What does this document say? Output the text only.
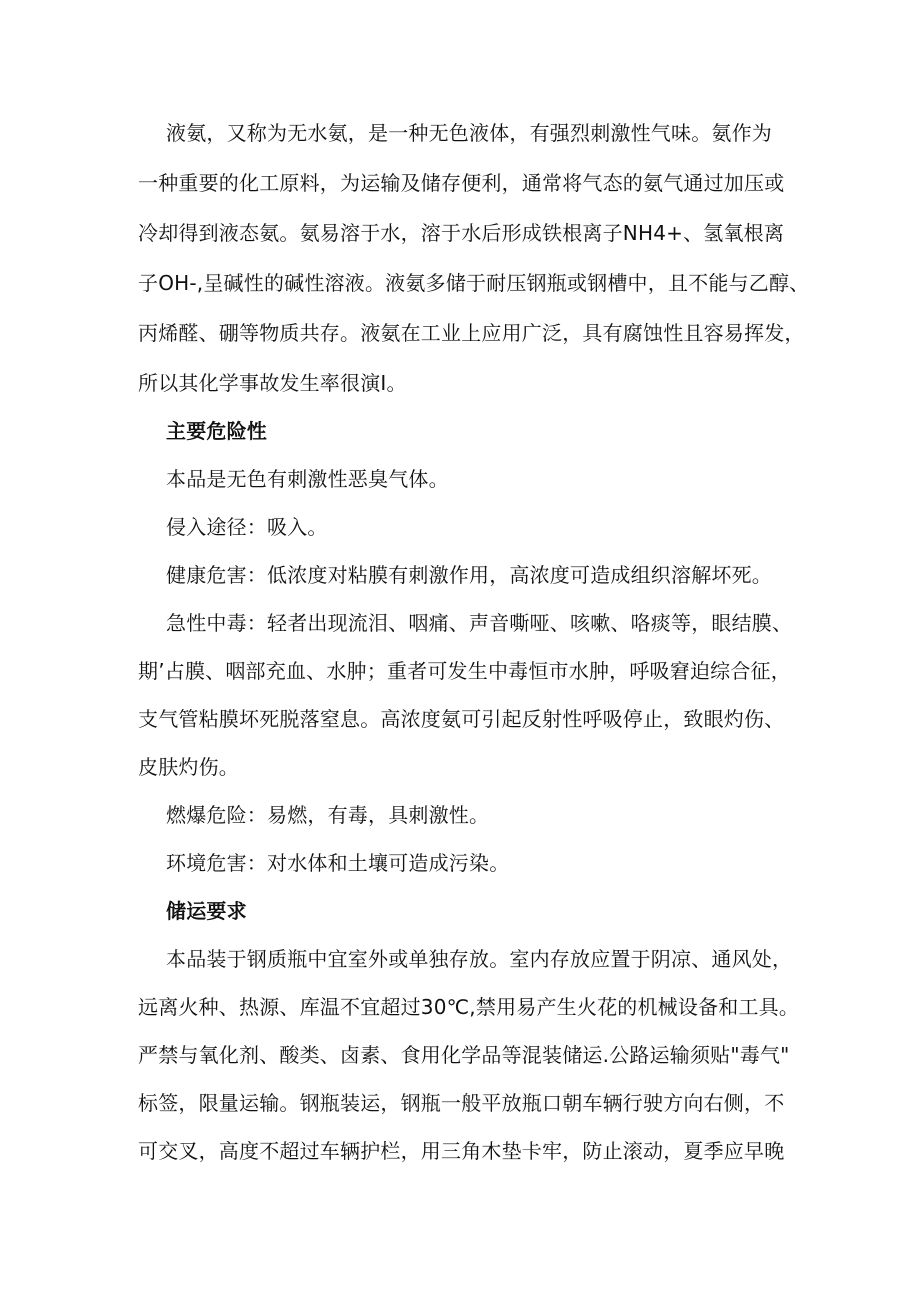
液氨，又称为无水氨，是一种无色液体，有强烈刺激性气味。氨作为
一种重要的化工原料，为运输及储存便利，通常将气态的氨气通过加压或
冷却得到液态氨。氨易溶于水，溶于水后形成铁根离子NH4+、氢氧根离
子OH-,呈碱性的碱性溶液。液氨多储于耐压钢瓶或钢槽中，且不能与乙醇、
丙烯醛、硼等物质共存。液氨在工业上应用广泛，具有腐蚀性且容易挥发，
所以其化学事故发生率很演I。
主要危险性
本品是无色有刺激性恶臭气体。
侵入途径：吸入。
健康危害：低浓度对粘膜有刺激作用，高浓度可造成组织溶解坏死。
急性中毒：轻者出现流泪、咽痛、声音嘶哑、咳嗽、咯痰等，眼结膜、
期’占膜、咽部充血、水肿；重者可发生中毒恒市水肿，呼吸窘迫综合征，
支气管粘膜坏死脱落窒息。高浓度氨可引起反射性呼吸停止，致眼灼伤、
皮肤灼伤。
燃爆危险：易燃，有毒，具刺激性。
环境危害：对水体和土壤可造成污染。
储运要求
本品装于钢质瓶中宜室外或单独存放。室内存放应置于阴凉、通风处，
远离火种、热源、库温不宜超过30℃,禁用易产生火花的机械设备和工具。
严禁与氧化剂、酸类、卤素、食用化学品等混装储运.公路运输须贴"毒气"
标签，限量运输。钢瓶装运，钢瓶一般平放瓶口朝车辆行驶方向右侧，不
可交叉，高度不超过车辆护栏，用三角木垫卡牢，防止滚动，夏季应早晚
